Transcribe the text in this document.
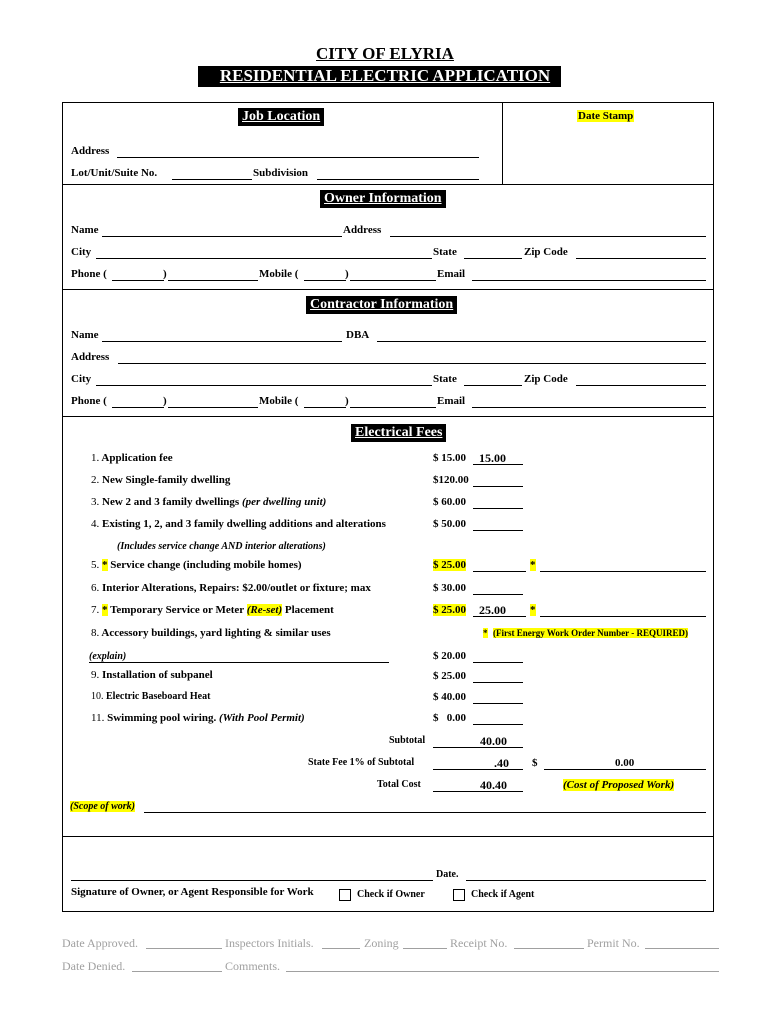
CITY OF ELYRIA
RESIDENTIAL ELECTRIC APPLICATION
Job Location	Date Stamp
Address
Lot/Unit/Suite No.	Subdivision
Owner Information
Name	Address
City	State	Zip Code
Phone (	)	Mobile (	)	Email
Contractor Information
Name	DBA
Address
City	State	Zip Code
Phone (	)	Mobile (	)	Email
Electrical Fees
1. Application fee	$ 15.00 15.00
2. New Single-family dwelling	$120.00
3. New 2 and 3 family dwellings (per dwelling unit)	$ 60.00
4. Existing 1, 2, and 3 family dwelling additions and alterations	$ 50.00
(Includes service change AND interior alterations)
5. * Service change (including mobile homes)	$ 25.00	*
6. Interior Alterations, Repairs: $2.00/outlet or fixture; max	$ 30.00
7. * Temporary Service or Meter (Re-set) Placement	$ 25.00 25.00 *
8. Accessory buildings, yard lighting & similar uses	* (First Energy Work Order Number - REQUIRED)
(explain)	$ 20.00
9. Installation of subpanel	$ 25.00
10. Electric Baseboard Heat	$ 40.00
11. Swimming pool wiring. (With Pool Permit)	$   0.00
Subtotal	40.00
State Fee 1% of Subtotal	.40 $	0.00
Total Cost	40.40	(Cost of Proposed Work)
(Scope of work)
Date.
Signature of Owner, or Agent Responsible for Work	Check if Owner	Check if Agent
Date Approved.	Inspectors Initials.	Zoning	Receipt No.	Permit No.
Date Denied.	Comments.
